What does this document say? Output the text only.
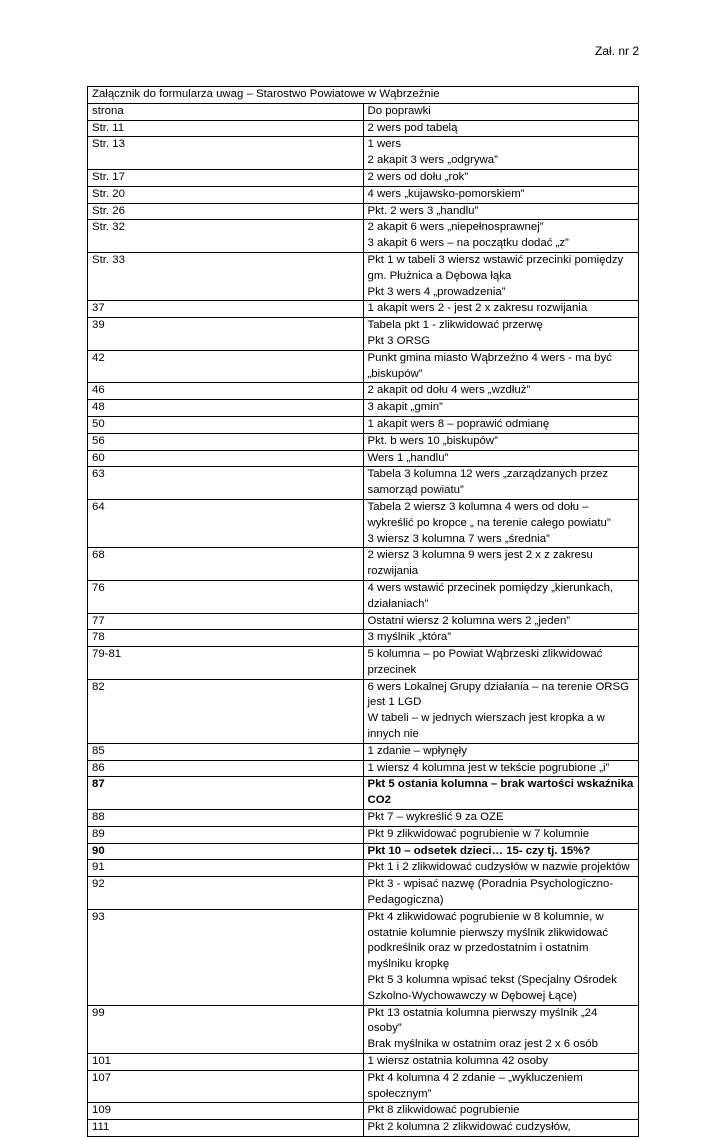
Zał. nr 2
Załącznik do formularza uwag – Starostwo Powiatowe w Wąbrzeźnie	
strona	Do poprawki
Str. 11	2 wers pod tabelą
Str. 13	1 wers
2 akapit 3 wers „odgrywa”
Str. 17	2 wers od dołu „rok”
Str. 20	4 wers „kujawsko-pomorskiem”
Str. 26	Pkt. 2 wers 3 „handlu”
Str. 32	2 akapit 6 wers „niepełnosprawnej”
3 akapit 6 wers – na początku dodać „z”
Str. 33	Pkt 1 w tabeli 3 wiersz wstawić przecinki pomiędzy gm. Płużnica a Dębowa łąka
Pkt 3 wers 4 „prowadzenia”
37	1 akapit wers 2 - jest 2 x zakresu rozwijania
39	Tabela pkt 1 - zlikwidować przerwę
Pkt 3 ORSG
42	Punkt gmina miasto Wąbrzeźno 4 wers - ma być „biskupów”
46	2 akapit od dołu 4 wers „wzdłuż”
48	3 akapit „gmin”
50	1 akapit wers 8 – poprawić odmianę
56	Pkt. b wers 10 „biskupów”
60	Wers 1 „handlu”
63	Tabela 3 kolumna 12 wers „zarządzanych przez samorząd powiatu”
64	Tabela 2 wiersz 3 kolumna 4 wers od dołu – wykreślić po kropce „ na terenie całego powiatu”
3 wiersz 3 kolumna 7 wers „średnia”
68	2 wiersz 3 kolumna 9 wers jest 2 x z zakresu rozwijania
76	4 wers wstawić przecinek pomiędzy „kierunkach, działaniach”
77	Ostatni wiersz 2 kolumna wers 2 „jeden”
78	3 myślnik „która”
79-81	5 kolumna – po Powiat Wąbrzeski zlikwidować przecinek
82	6 wers Lokalnej Grupy działania – na terenie ORSG jest 1 LGD
W tabeli – w jednych wierszach jest kropka a w innych nie
85	1 zdanie – wpłynęły
86	1 wiersz 4 kolumna jest w tekście pogrubione „i”
87	Pkt 5 ostania kolumna – brak wartości wskaźnika CO2
88	Pkt 7 – wykreślić 9 za OZE
89	Pkt 9 zlikwidować pogrubienie w 7 kolumnie
90	Pkt 10 – odsetek dzieci… 15- czy tj. 15%?
91	Pkt 1 i 2 zlikwidować cudzysłów w nazwie projektów
92	Pkt 3 - wpisać nazwę (Poradnia Psychologiczno-Pedagogiczna)
93	Pkt 4 zlikwidować pogrubienie w 8 kolumnie, w ostatnie kolumnie pierwszy myślnik zlikwidować podkreślnik oraz w przedostatnim i ostatnim myślniku kropkę
Pkt 5 3 kolumna wpisać tekst (Specjalny Ośrodek Szkolno-Wychowawczy w Dębowej Łące)
99	Pkt 13 ostatnia kolumna pierwszy myślnik „24 osoby”
Brak myślnika w ostatnim oraz jest 2 x 6 osób
101	1 wiersz ostatnia kolumna 42 osoby
107	Pkt 4 kolumna 4 2 zdanie – „wykluczeniem społecznym”
109	Pkt 8 zlikwidować pogrubienie
111	Pkt 2 kolumna 2 zlikwidować cudzysłów,
